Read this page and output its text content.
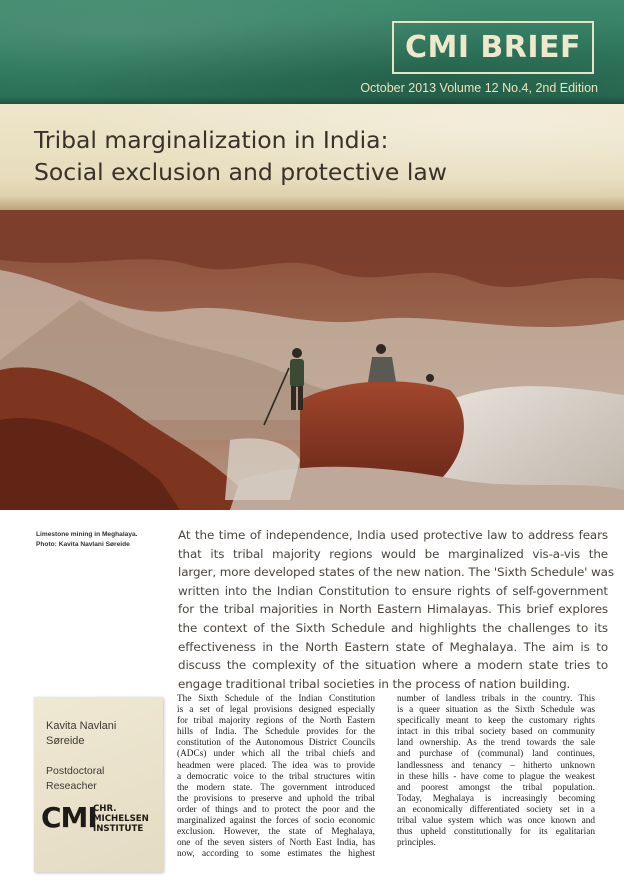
CMI BRIEF
October 2013 Volume 12 No.4, 2nd Edition
Tribal marginalization in India:
Social exclusion and protective law
Limestone mining in Meghalaya.
Photo: Kavita Navlani Søreide
At the time of independence, India used protective law to address fears
that its tribal majority regions would be marginalized vis-a-vis the
larger, more developed states of the new nation. The 'Sixth Schedule' was
written into the Indian Constitution to ensure rights of self-government
for the tribal majorities in North Eastern Himalayas. This brief explores
the context of the Sixth Schedule and highlights the challenges to its
effectiveness in the North Eastern state of Meghalaya. The aim is to
discuss the complexity of the situation where a modern state tries to
engage traditional tribal societies in the process of nation building.
Kavita Navlani
Søreide
Postdoctoral
Reseacher
CMI
CHR.
MICHELSEN
INSTITUTE
The Sixth Schedule of the Indian Constitution
is a set of legal provisions designed especially
for tribal majority regions of the North Eastern
hills of India. The Schedule provides for the
constitution of the Autonomous District Councils
(ADCs) under which all the tribal chiefs and
headmen were placed. The idea was to provide
a democratic voice to the tribal structures witin
the modern state. The government introduced
the provisions to preserve and uphold the tribal
order of things and to protect the poor and the
marginalized against the forces of socio economic
exclusion. However, the state of Meghalaya,
one of the seven sisters of North East India, has
now, according to some estimates the highest
number of landless tribals in the country. This
is a queer situation as the Sixth Schedule was
specifically meant to keep the customary rights
intact in this tribal society based on community
land ownership. As the trend towards the sale
and purchase of (communal) land continues,
landlessness and tenancy – hitherto unknown
in these hills - have come to plague the weakest
and poorest amongst the tribal population.
Today, Meghalaya is increasingly becoming
an economically differentiated society set in a
tribal value system which was once known and
thus upheld constitutionally for its egalitarian
principles.
